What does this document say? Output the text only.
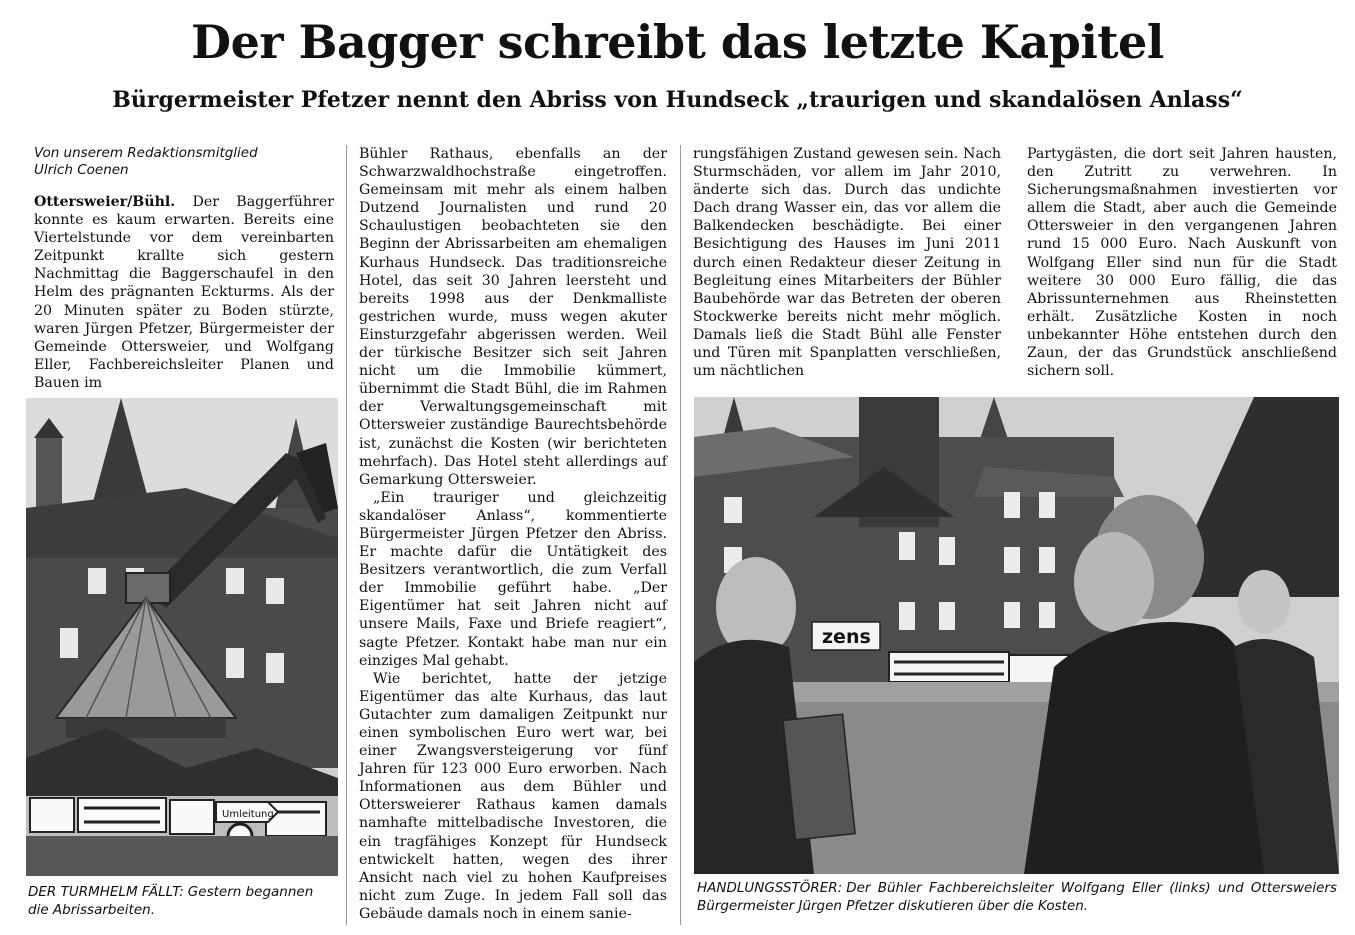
Der Bagger schreibt das letzte Kapitel
Bürgermeister Pfetzer nennt den Abriss von Hundseck „traurigen und skandalösen Anlass“

Von unserem Redaktionsmitglied
Ulrich Coenen

Ottersweier/Bühl. Der Baggerführer konnte es kaum erwarten. Bereits eine Viertelstunde vor dem vereinbarten Zeitpunkt krallte sich gestern Nachmittag die Baggerschaufel in den Helm des prägnanten Eckturms. Als der 20 Minuten später zu Boden stürzte, waren Jürgen Pfetzer, Bürgermeister der Gemeinde Ottersweier, und Wolfgang Eller, Fachbereichsleiter Planen und Bauen im

Umleitung
DER TURMHELM FÄLLT: Gestern begannen die Abrissarbeiten.

Bühler Rathaus, ebenfalls an der Schwarzwaldhochstraße eingetroffen. Gemeinsam mit mehr als einem halben Dutzend Journalisten und rund 20 Schaulustigen beobachteten sie den Beginn der Abrissarbeiten am ehemaligen Kurhaus Hundseck. Das traditionsreiche Hotel, das seit 30 Jahren leersteht und bereits 1998 aus der Denkmalliste gestrichen wurde, muss wegen akuter Einsturzgefahr abgerissen werden. Weil der türkische Besitzer sich seit Jahren nicht um die Immobilie kümmert, übernimmt die Stadt Bühl, die im Rahmen der Verwaltungsgemeinschaft mit Ottersweier zuständige Baurechtsbehörde ist, zunächst die Kosten (wir berichteten mehrfach). Das Hotel steht allerdings auf Gemarkung Ottersweier.

„Ein trauriger und gleichzeitig skandalöser Anlass“, kommentierte Bürgermeister Jürgen Pfetzer den Abriss. Er machte dafür die Untätigkeit des Besitzers verantwortlich, die zum Verfall der Immobilie geführt habe. „Der Eigentümer hat seit Jahren nicht auf unsere Mails, Faxe und Briefe reagiert“, sagte Pfetzer. Kontakt habe man nur ein einziges Mal gehabt.

Wie berichtet, hatte der jetzige Eigentümer das alte Kurhaus, das laut Gutachter zum damaligen Zeitpunkt nur einen symbolischen Euro wert war, bei einer Zwangsversteigerung vor fünf Jahren für 123 000 Euro erworben. Nach Informationen aus dem Bühler und Ottersweierer Rathaus kamen damals namhafte mittelbadische Investoren, die ein tragfähiges Konzept für Hundseck entwickelt hatten, wegen des ihrer Ansicht nach viel zu hohen Kaufpreises nicht zum Zuge. In jedem Fall soll das Gebäude damals noch in einem sanie-

rungsfähigen Zustand gewesen sein. Nach Sturmschäden, vor allem im Jahr 2010, änderte sich das. Durch das undichte Dach drang Wasser ein, das vor allem die Balkendecken beschädigte. Bei einer Besichtigung des Hauses im Juni 2011 durch einen Redakteur dieser Zeitung in Begleitung eines Mitarbeiters der Bühler Baubehörde war das Betreten der oberen Stockwerke bereits nicht mehr möglich. Damals ließ die Stadt Bühl alle Fenster und Türen mit Spanplatten verschließen, um nächtlichen

Partygästen, die dort seit Jahren hausten, den Zutritt zu verwehren. In Sicherungsmaßnahmen investierten vor allem die Stadt, aber auch die Gemeinde Ottersweier in den vergangenen Jahren rund 15 000 Euro. Nach Auskunft von Wolfgang Eller sind nun für die Stadt weitere 30 000 Euro fällig, die das Abrissunternehmen aus Rheinstetten erhält. Zusätzliche Kosten in noch unbekannter Höhe entstehen durch den Zaun, der das Grundstück anschließend sichern soll.

zens
HANDLUNGSSTÖRER: Der Bühler Fachbereichsleiter Wolfgang Eller (links) und Ottersweiers Bürgermeister Jürgen Pfetzer diskutieren über die Kosten.
